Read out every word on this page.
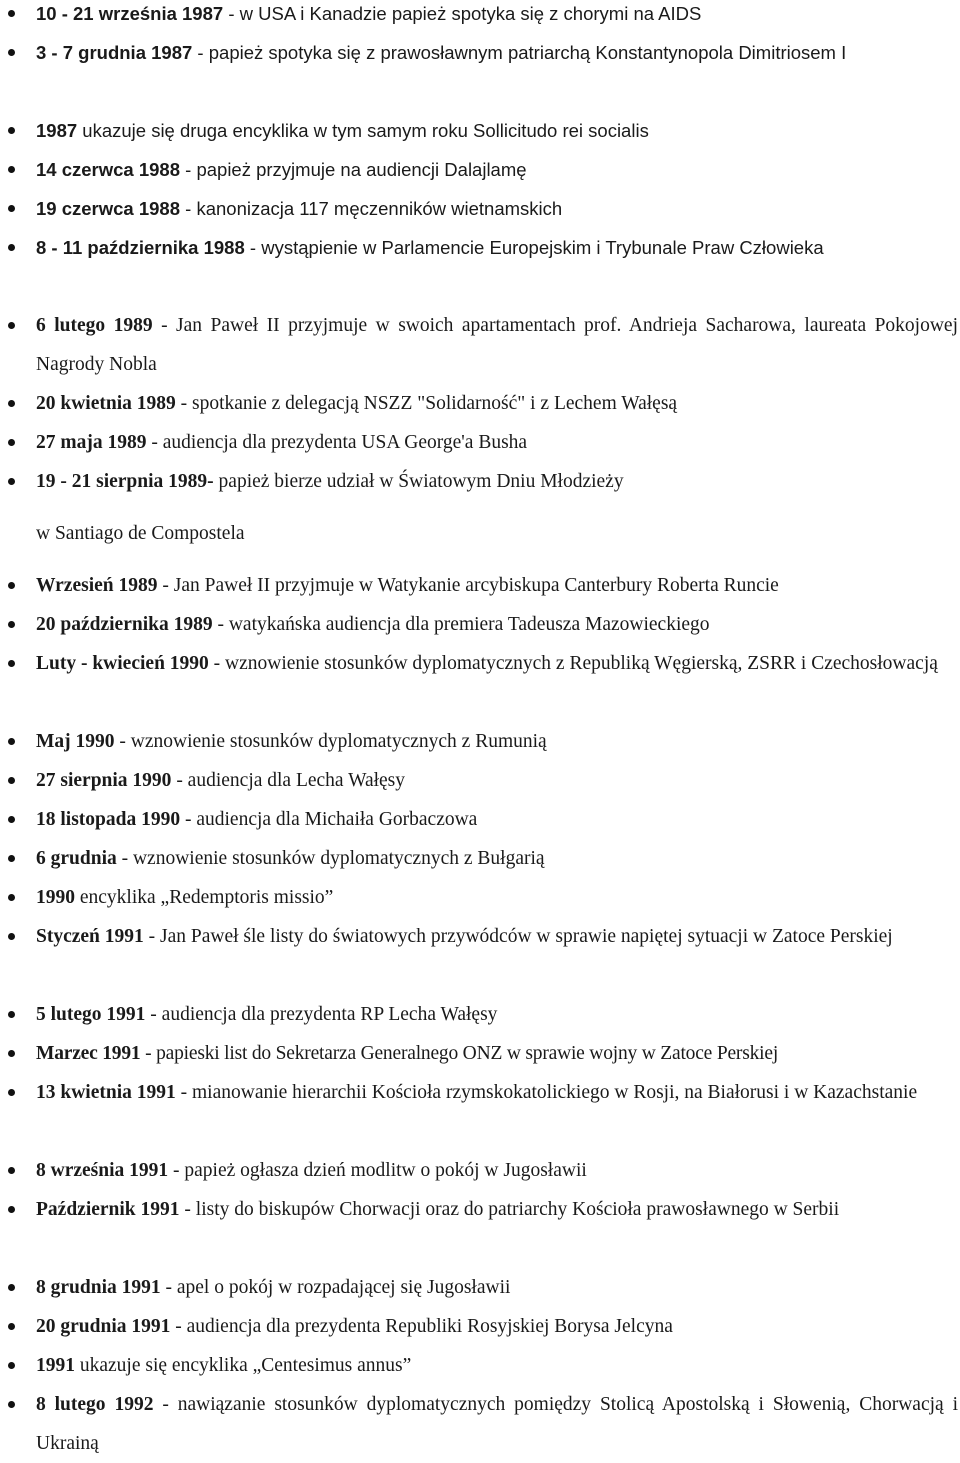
10 - 21 września 1987 - w USA i Kanadzie papież spotyka się z chorymi na AIDS
3 - 7 grudnia 1987 - papież spotyka się z prawosławnym patriarchą Konstantynopola Dimitriosem I
1987 ukazuje się druga encyklika w tym samym roku Sollicitudo rei socialis
14 czerwca 1988 - papież przyjmuje na audiencji Dalajlamę
19 czerwca 1988 - kanonizacja 117 męczenników wietnamskich
8 - 11 października 1988 - wystąpienie w Parlamencie Europejskim i Trybunale Praw Człowieka
6 lutego 1989 - Jan Paweł II przyjmuje w swoich apartamentach prof. Andrieja Sacharowa, laureata Pokojowej Nagrody Nobla
20 kwietnia 1989 - spotkanie z delegacją NSZZ "Solidarność" i z Lechem Wałęsą
27 maja 1989 - audiencja dla prezydenta USA George'a Busha
19 - 21 sierpnia 1989- papież bierze udział w Światowym Dniu Młodzieży
w Santiago de Compostela
Wrzesień 1989 - Jan Paweł II przyjmuje w Watykanie arcybiskupa Canterbury Roberta Runcie
20 października 1989 - watykańska audiencja dla premiera Tadeusza Mazowieckiego
Luty - kwiecień 1990 - wznowienie stosunków dyplomatycznych z Republiką Węgierską, ZSRR i Czechosłowacją
Maj 1990 - wznowienie stosunków dyplomatycznych z Rumunią
27 sierpnia 1990 - audiencja dla Lecha Wałęsy
18 listopada 1990 - audiencja dla Michaiła Gorbaczowa
6 grudnia - wznowienie stosunków dyplomatycznych z Bułgarią
1990 encyklika „Redemptoris missio”
Styczeń 1991 - Jan Paweł śle listy do światowych przywódców w sprawie napiętej sytuacji w Zatoce Perskiej
5 lutego 1991 - audiencja dla prezydenta RP Lecha Wałęsy
Marzec 1991 - papieski list do Sekretarza Generalnego ONZ w sprawie wojny w Zatoce Perskiej
13 kwietnia 1991 - mianowanie hierarchii Kościoła rzymskokatolickiego w Rosji, na Białorusi i w Kazachstanie
8 września 1991 - papież ogłasza dzień modlitw o pokój w Jugosławii
Październik 1991 - listy do biskupów Chorwacji oraz do patriarchy Kościoła prawosławnego w Serbii
8 grudnia 1991 - apel o pokój w rozpadającej się Jugosławii
20 grudnia 1991 - audiencja dla prezydenta Republiki Rosyjskiej Borysa Jelcyna
1991 ukazuje się encyklika „Centesimus annus”
8 lutego 1992 - nawiązanie stosunków dyplomatycznych pomiędzy Stolicą Apostolską i Słowenią, Chorwacją i Ukrainą
